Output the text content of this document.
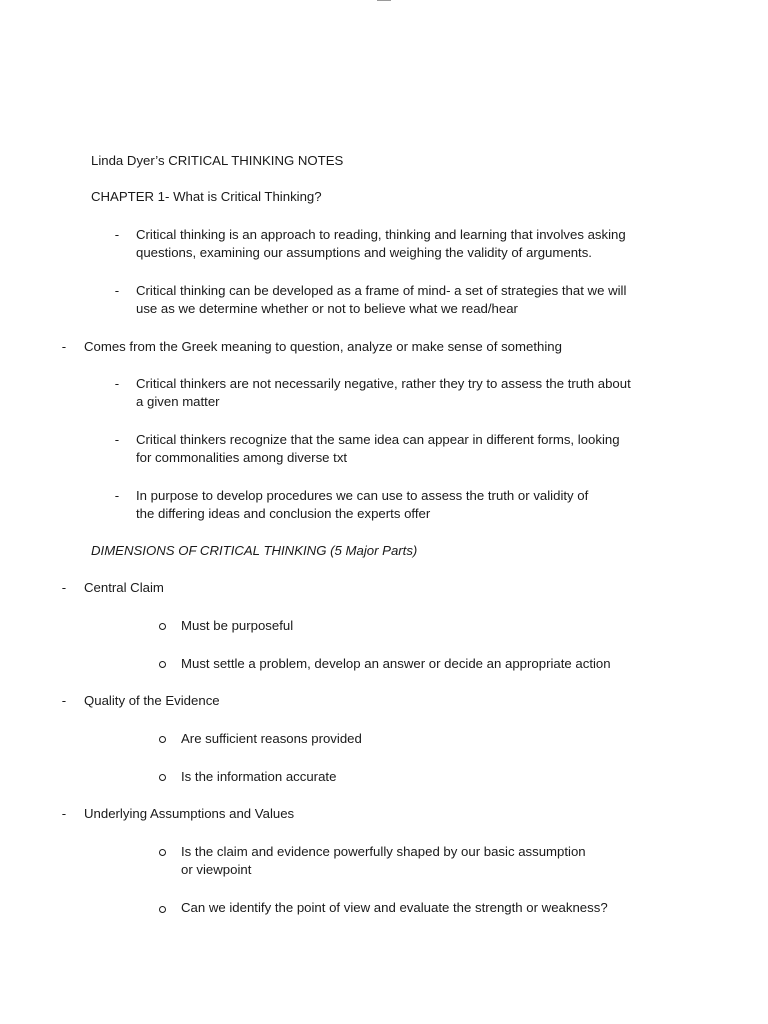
Linda Dyer’s CRITICAL THINKING NOTES
CHAPTER 1- What is Critical Thinking?
- Critical thinking is an approach to reading, thinking and learning that involves asking
questions, examining our assumptions and weighing the validity of arguments.
- Critical thinking can be developed as a frame of mind- a set of strategies that we will
use as we determine whether or not to believe what we read/hear
- Comes from the Greek meaning to question, analyze or make sense of something
- Critical thinkers are not necessarily negative, rather they try to assess the truth about
a given matter
- Critical thinkers recognize that the same idea can appear in different forms, looking
for commonalities among diverse txt
- In purpose to develop procedures we can use to assess the truth or validity of
the differing ideas and conclusion the experts offer
DIMENSIONS OF CRITICAL THINKING (5 Major Parts)
- Central Claim
Must be purposeful
Must settle a problem, develop an answer or decide an appropriate action
- Quality of the Evidence
Are sufficient reasons provided
Is the information accurate
- Underlying Assumptions and Values
Is the claim and evidence powerfully shaped by our basic assumption
or viewpoint
Can we identify the point of view and evaluate the strength or weakness?
